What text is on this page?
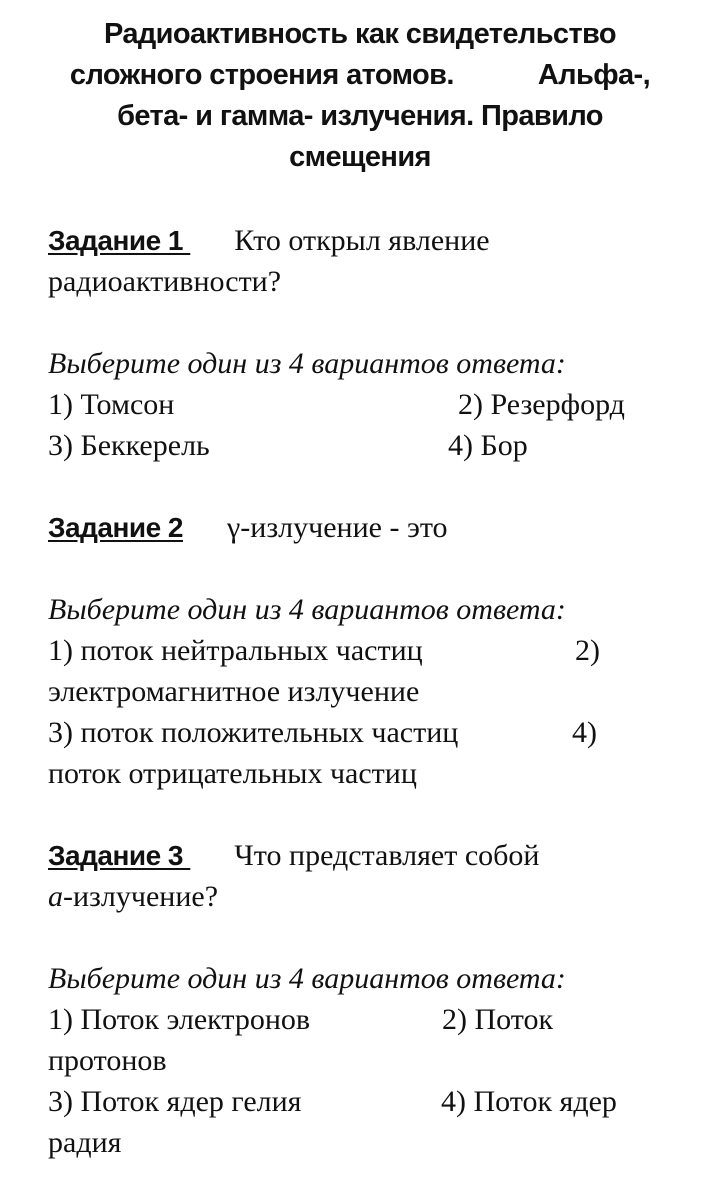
Радиоактивность как свидетельство
сложного строения атомов.	Альфа-,
бета- и гамма- излучения. Правило
смещения
Задание 1 Кто открыл явление
радиоактивности?
Выберите один из 4 вариантов ответа:
1) Томсон	2) Резерфорд
3) Беккерель	4) Бор
Задание 2 γ-излучение - это
Выберите один из 4 вариантов ответа:
1) поток нейтральных частиц	2)
электромагнитное излучение
3) поток положительных частиц	4)
поток отрицательных частиц
Задание 3 Что представляет собой
a-излучение?
Выберите один из 4 вариантов ответа:
1) Поток электронов	2) Поток
протонов
3) Поток ядер гелия	4) Поток ядер
радия
